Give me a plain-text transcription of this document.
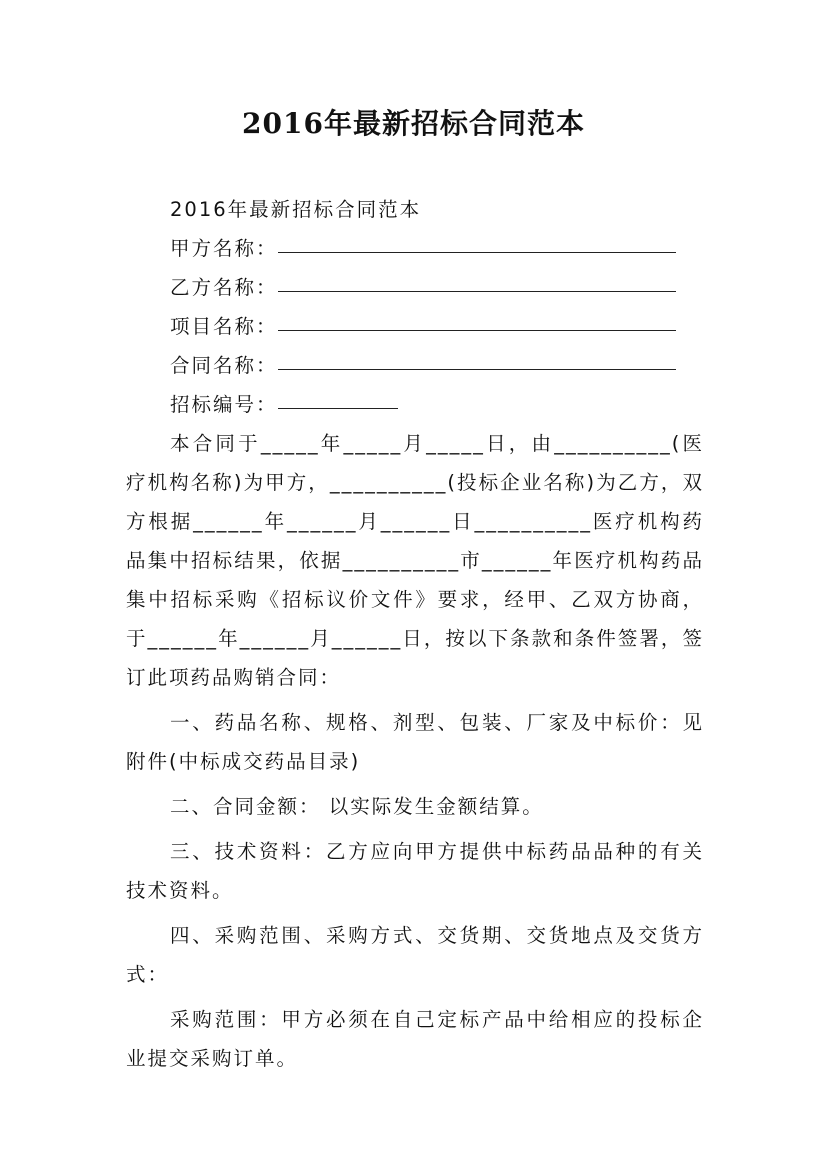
2016年最新招标合同范本
2016年最新招标合同范本
甲方名称：
乙方名称：
项目名称：
合同名称：
招标编号：
本合同于_____年_____月_____日，由__________(医疗机构名称)为甲方，__________(投标企业名称)为乙方，双方根据______年______月______日__________医疗机构药品集中招标结果，依据__________市______年医疗机构药品集中招标采购《招标议价文件》要求，经甲、乙双方协商，于______年______月______日，按以下条款和条件签署，签订此项药品购销合同：
一、药品名称、规格、剂型、包装、厂家及中标价：见附件(中标成交药品目录)
二、合同金额： 以实际发生金额结算。
三、技术资料：乙方应向甲方提供中标药品品种的有关技术资料。
四、采购范围、采购方式、交货期、交货地点及交货方式：
采购范围：甲方必须在自己定标产品中给相应的投标企业提交采购订单。
